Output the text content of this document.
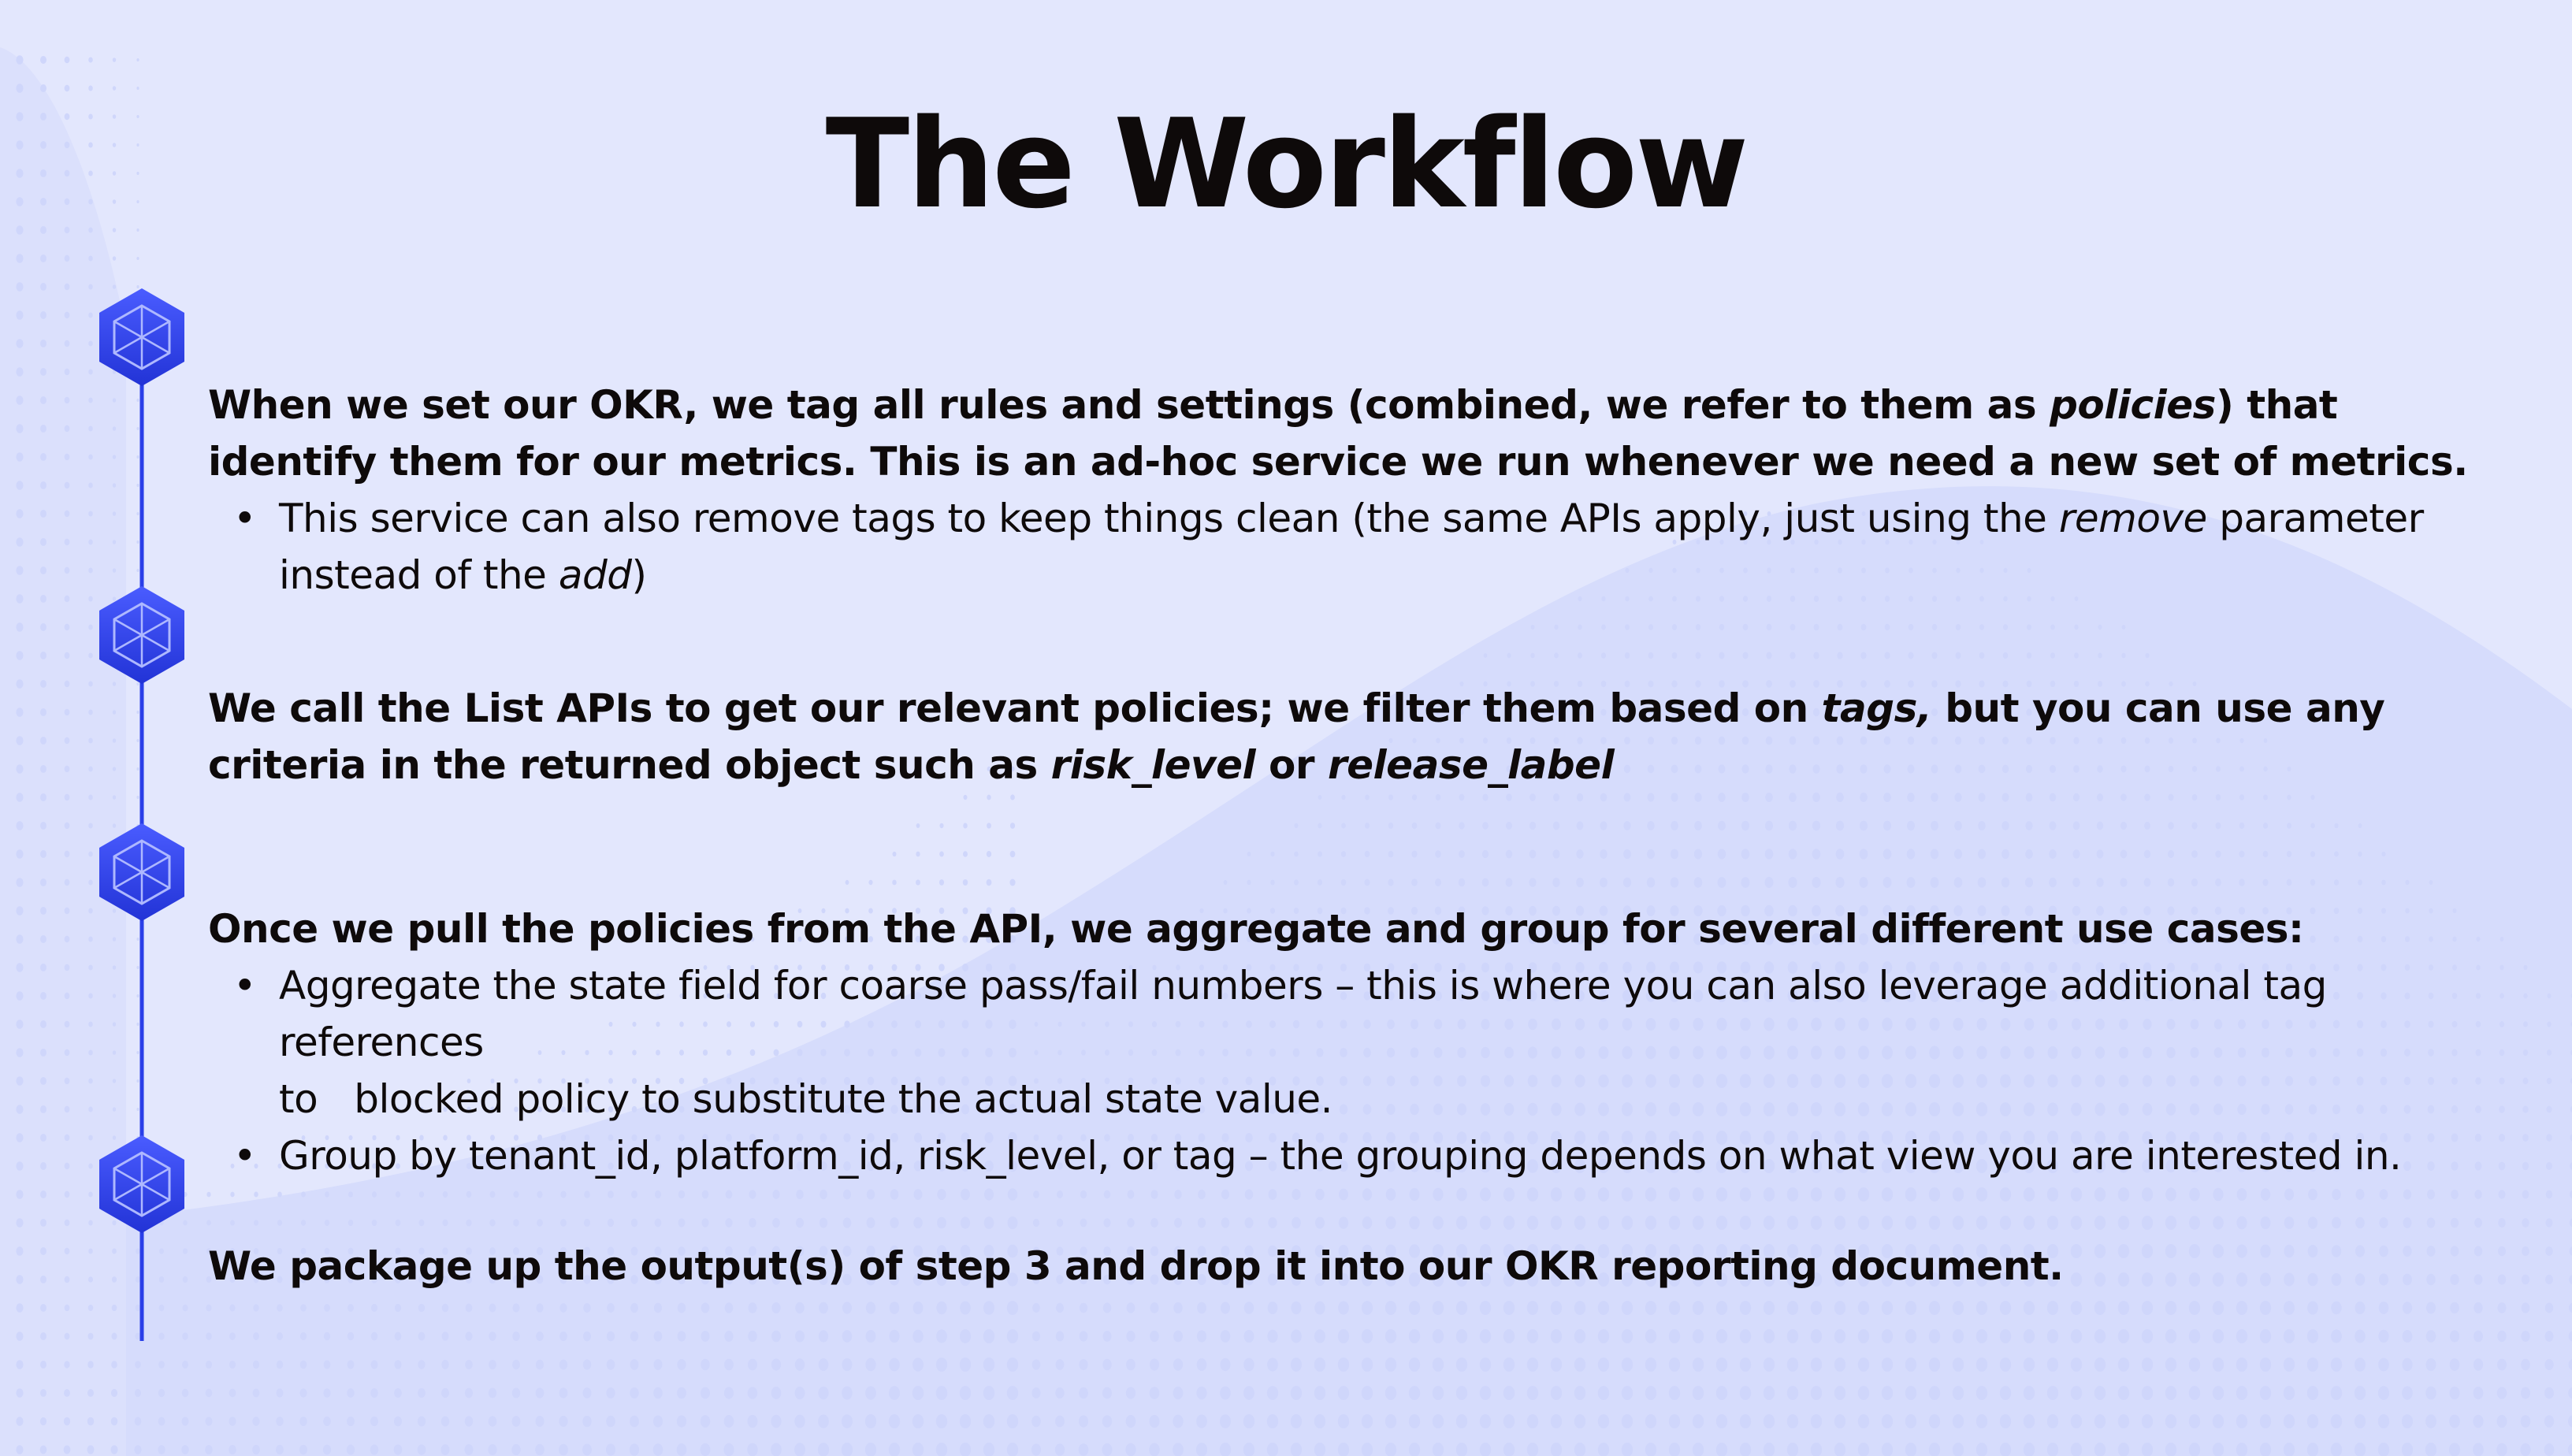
The Workflow

When we set our OKR, we tag all rules and settings (combined, we refer to them as policies) that identify them for our metrics. This is an ad-hoc service we run whenever we need a new set of metrics.

• This service can also remove tags to keep things clean (the same APIs apply, just using the remove parameter instead of the add)

We call the List APIs to get our relevant policies; we filter them based on tags, but you can use any criteria in the returned object such as risk_level or release_label

Once we pull the policies from the API, we aggregate and group for several different use cases:

• Aggregate the state field for coarse pass/fail numbers – this is where you can also leverage additional tag references
to blocked policy to substitute the actual state value.
• Group by tenant_id, platform_id, risk_level, or tag – the grouping depends on what view you are interested in.

We package up the output(s) of step 3 and drop it into our OKR reporting document.
